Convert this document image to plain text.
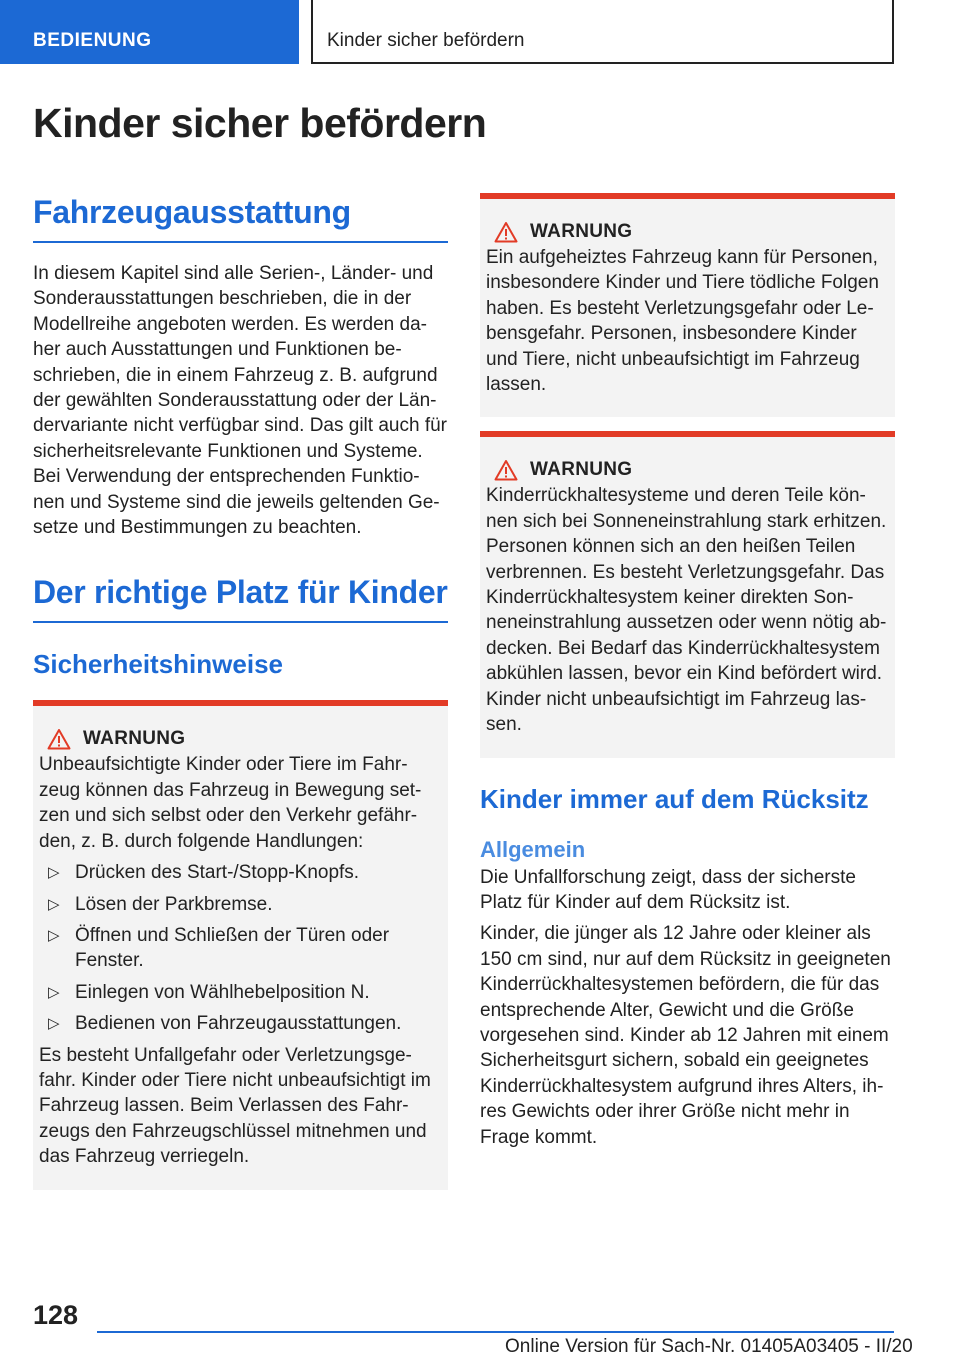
BEDIENUNG	Kinder sicher befördern
Kinder sicher befördern
Fahrzeugausstattung

In diesem Kapitel sind alle Serien-, Länder- und Sonderausstattungen beschrieben, die in der Modellreihe angeboten werden. Es werden da-her auch Ausstattungen und Funktionen be-schrieben, die in einem Fahrzeug z. B. aufgrund der gewählten Sonderausstattung oder der Län-dervariante nicht verfügbar sind. Das gilt auch für sicherheitsrelevante Funktionen und Systeme. Bei Verwendung der entsprechenden Funktio-nen und Systeme sind die jeweils geltenden Ge-setze und Bestimmungen zu beachten.

Der richtige Platz für Kinder
Sicherheitshinweise
WARNUNG

Unbeaufsichtigte Kinder oder Tiere im Fahr-zeug können das Fahrzeug in Bewegung set-zen und sich selbst oder den Verkehr gefähr-den, z. B. durch folgende Handlungen:

▷ Drücken des Start-/Stopp-Knopfs.
▷ Lösen der Parkbremse.
▷ Öffnen und Schließen der Türen oder Fenster.
▷ Einlegen von Wählhebelposition N.
▷ Bedienen von Fahrzeugausstattungen.

Es besteht Unfallgefahr oder Verletzungsge-fahr. Kinder oder Tiere nicht unbeaufsichtigt im Fahrzeug lassen. Beim Verlassen des Fahr-zeugs den Fahrzeugschlüssel mitnehmen und das Fahrzeug verriegeln.

WARNUNG

Ein aufgeheiztes Fahrzeug kann für Personen, insbesondere Kinder und Tiere tödliche Folgen haben. Es besteht Verletzungsgefahr oder Le-bensgefahr. Personen, insbesondere Kinder und Tiere, nicht unbeaufsichtigt im Fahrzeug lassen.

WARNUNG

Kinderrückhaltesysteme und deren Teile kön-nen sich bei Sonneneinstrahlung stark erhitzen. Personen können sich an den heißen Teilen verbrennen. Es besteht Verletzungsgefahr. Das Kinderrückhaltesystem keiner direkten Son-neneinstrahlung aussetzen oder wenn nötig ab-decken. Bei Bedarf das Kinderrückhaltesystem abkühlen lassen, bevor ein Kind befördert wird. Kinder nicht unbeaufsichtigt im Fahrzeug las-sen.

Kinder immer auf dem Rücksitz
Allgemein

Die Unfallforschung zeigt, dass der sicherste Platz für Kinder auf dem Rücksitz ist.

Kinder, die jünger als 12 Jahre oder kleiner als 150 cm sind, nur auf dem Rücksitz in geeigneten Kinderrückhaltesystemen befördern, die für das entsprechende Alter, Gewicht und die Größe vorgesehen sind. Kinder ab 12 Jahren mit einem Sicherheitsgurt sichern, sobald ein geeignetes Kinderrückhaltesystem aufgrund ihres Alters, ih-res Gewichts oder ihrer Größe nicht mehr in Frage kommt.

128
Online Version für Sach-Nr. 01405A03405 - II/20
